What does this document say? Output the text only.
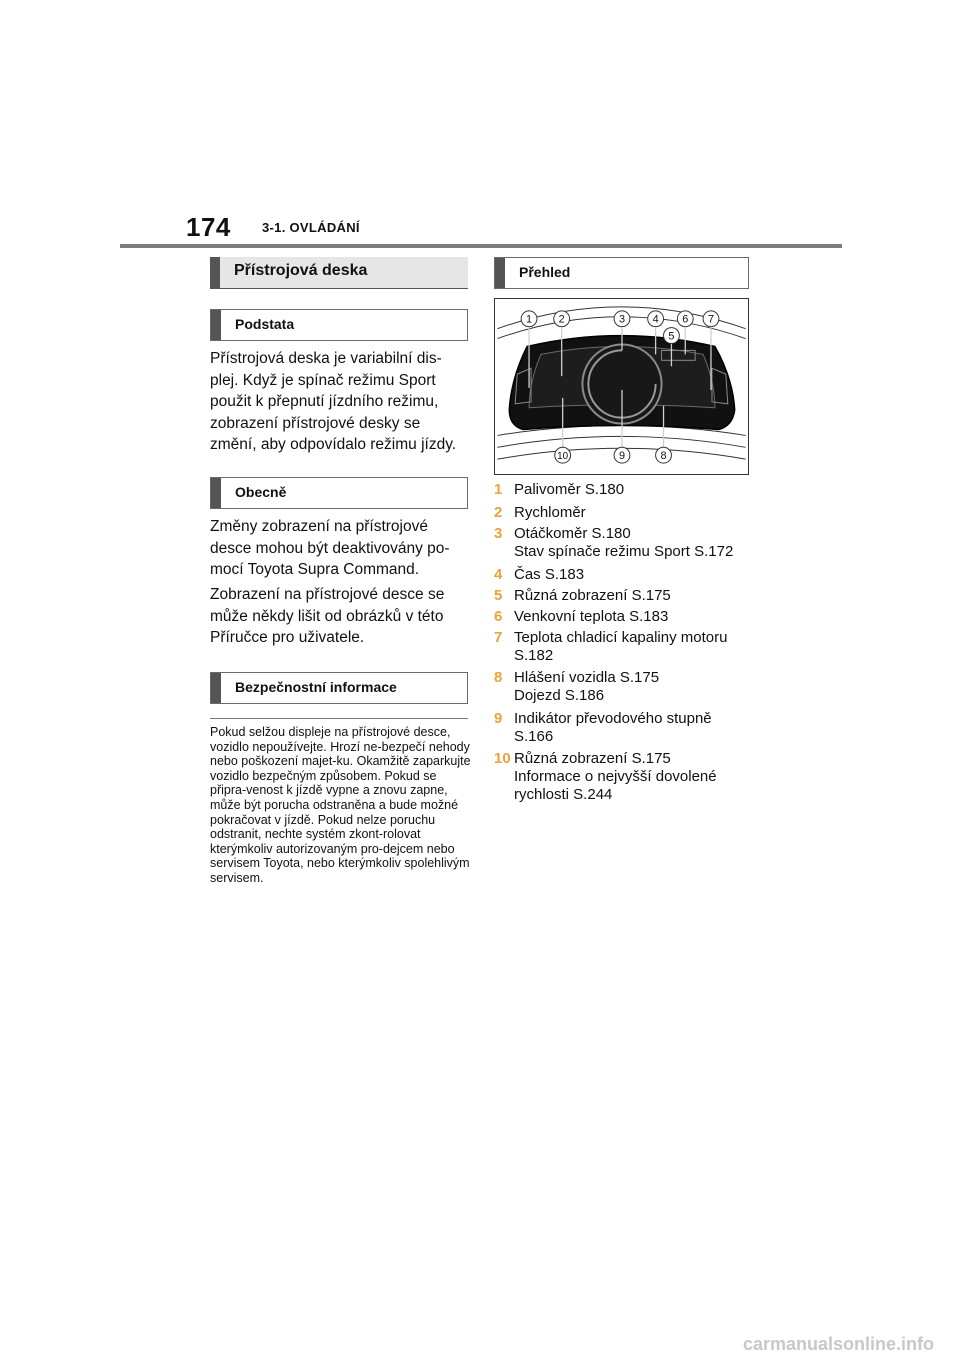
174 3-1. OVLÁDÁNÍ
Přístrojová deska
Podstata
Přístrojová deska je variabilní dis-plej. Když je spínač režimu Sport použit k přepnutí jízdního režimu, zobrazení přístrojové desky se změní, aby odpovídalo režimu jízdy.
Obecně
Změny zobrazení na přístrojové desce mohou být deaktivovány po-mocí Toyota Supra Command.
Zobrazení na přístrojové desce se může někdy lišit od obrázků v této Příručce pro uživatele.
Bezpečnostní informace
Pokud selžou displeje na přístrojové desce, vozidlo nepoužívejte. Hrozí ne-bezpečí nehody nebo poškození majet-ku. Okamžitě zaparkujte vozidlo bezpečným způsobem. Pokud se připra-venost k jízdě vypne a znovu zapne, může být porucha odstraněna a bude možné pokračovat v jízdě. Pokud nelze poruchu odstranit, nechte systém zkont-rolovat kterýmkoliv autorizovaným pro-dejcem nebo servisem Toyota, nebo kterýmkoliv spolehlivým servisem.
Přehled
1 2	3	4
5
6 7
8
9
10
1 Palivoměr S.180
2 Rychloměr
3 Otáčkoměr S.180
Stav spínače režimu Sport S.172
4 Čas S.183
5 Různá zobrazení S.175
6 Venkovní teplota S.183
7 Teplota chladicí kapaliny motoru
S.182
8 Hlášení vozidla S.175
Dojezd S.186
9 Indikátor převodového stupně
S.166
10 Různá zobrazení S.175
Informace o nejvyšší dovolené
rychlosti S.244
carmanualsonline.info
